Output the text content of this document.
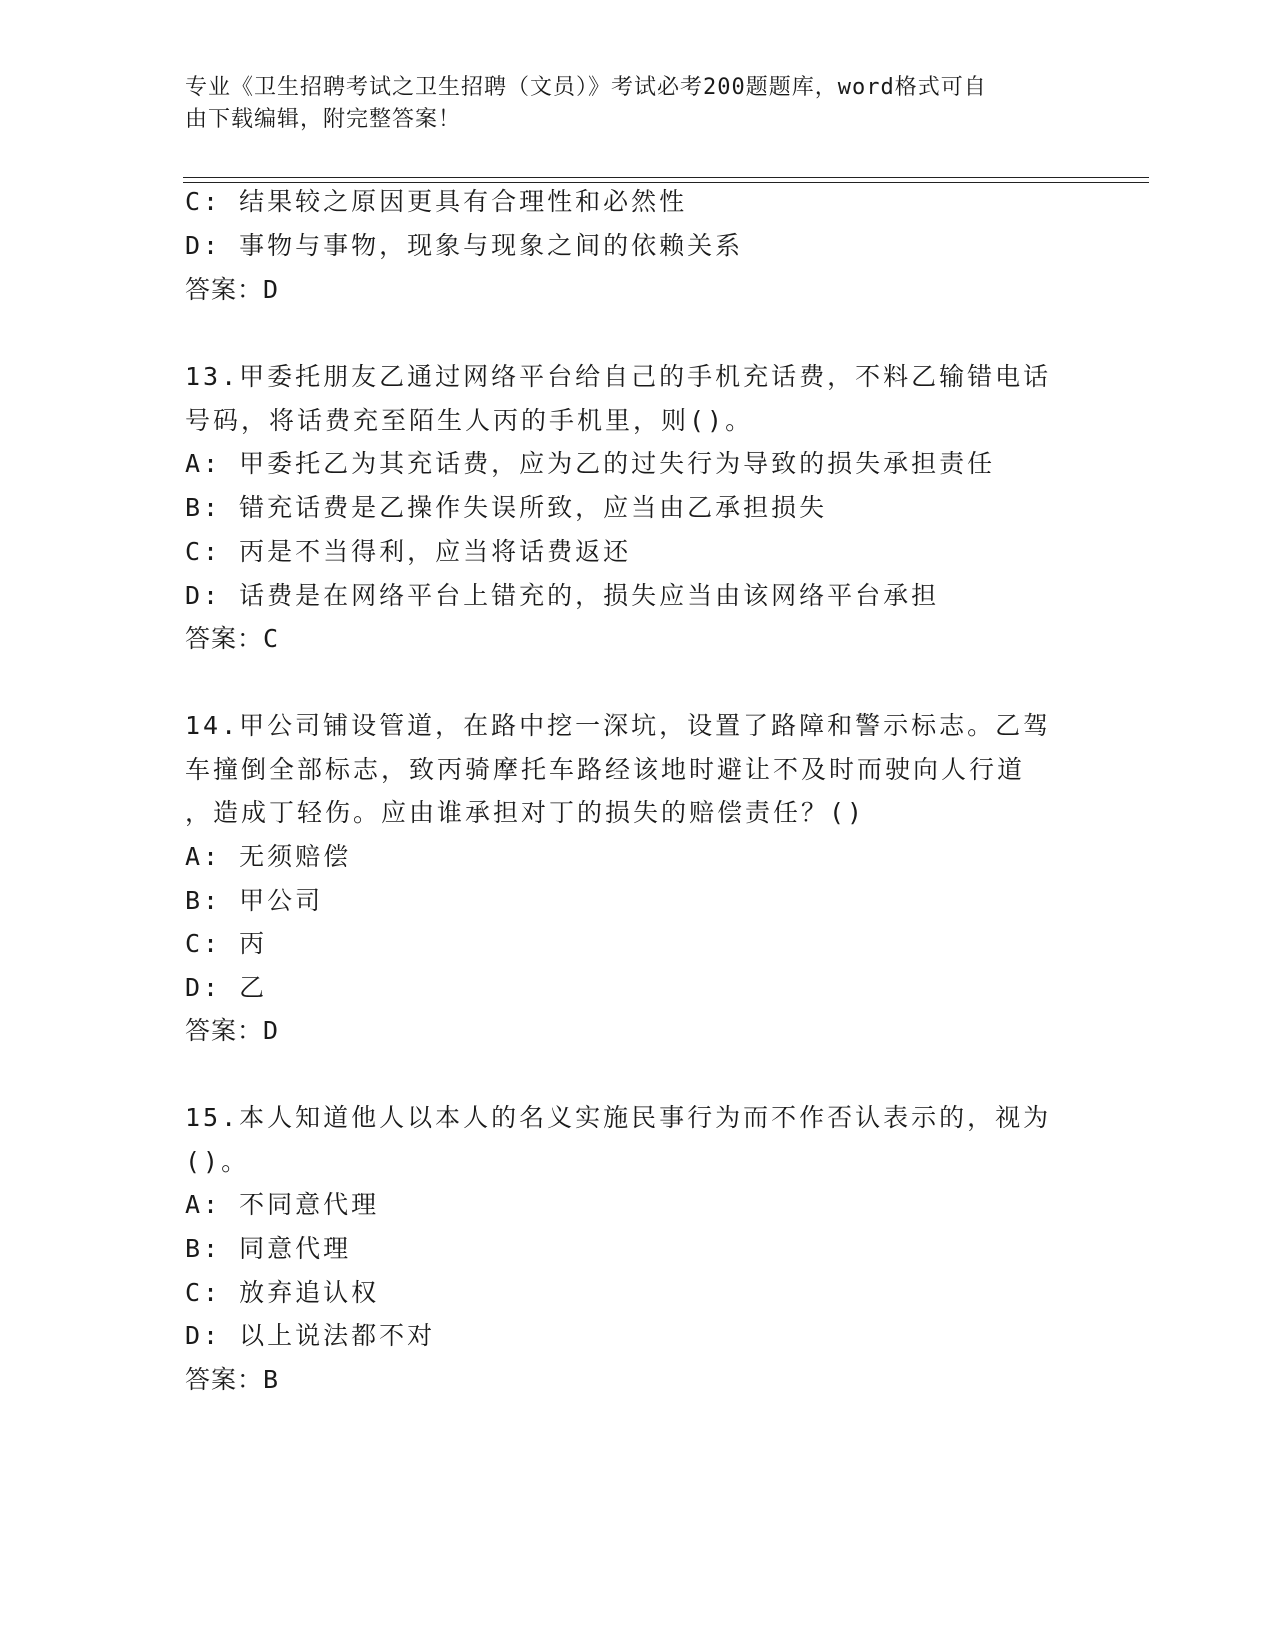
专业《卫生招聘考试之卫生招聘（文员）》考试必考200题题库，word格式可自
由下载编辑，附完整答案！
C: 结果较之原因更具有合理性和必然性
D: 事物与事物，现象与现象之间的依赖关系
答案：D
13.甲委托朋友乙通过网络平台给自己的手机充话费，不料乙输错电话
号码，将话费充至陌生人丙的手机里，则()。
A: 甲委托乙为其充话费，应为乙的过失行为导致的损失承担责任
B: 错充话费是乙操作失误所致，应当由乙承担损失
C: 丙是不当得利，应当将话费返还
D: 话费是在网络平台上错充的，损失应当由该网络平台承担
答案：C
14.甲公司铺设管道，在路中挖一深坑，设置了路障和警示标志。乙驾
车撞倒全部标志，致丙骑摩托车路经该地时避让不及时而驶向人行道
，造成丁轻伤。应由谁承担对丁的损失的赔偿责任？()
A: 无须赔偿
B: 甲公司
C: 丙
D: 乙
答案：D
15.本人知道他人以本人的名义实施民事行为而不作否认表示的，视为
()。
A: 不同意代理
B: 同意代理
C: 放弃追认权
D: 以上说法都不对
答案：B
